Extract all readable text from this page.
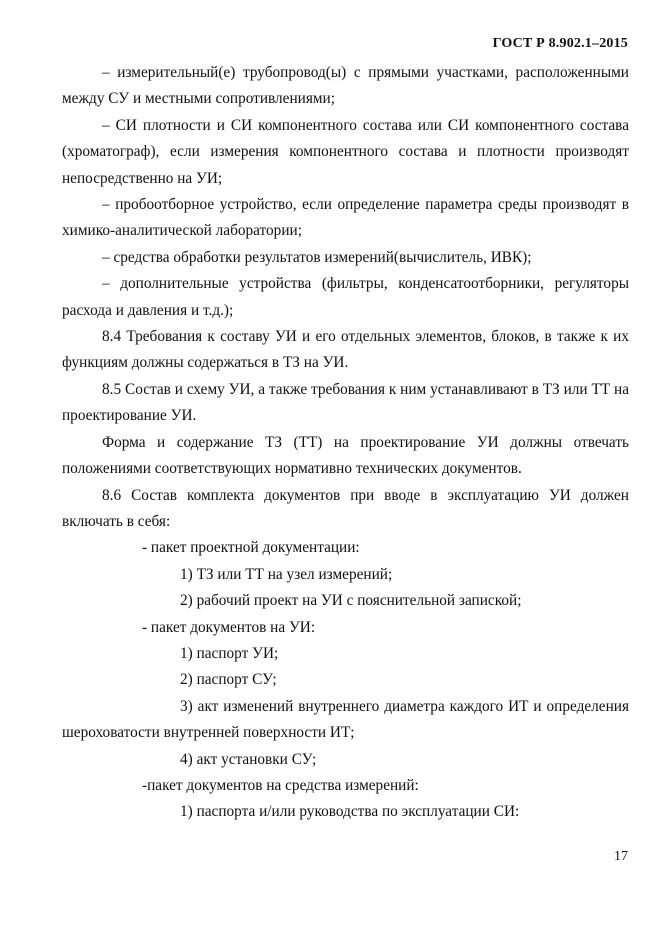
ГОСТ Р 8.902.1–2015

– измерительный(е) трубопровод(ы) с прямыми участками, расположенными между СУ и местными сопротивлениями;

– СИ плотности и СИ компонентного состава или СИ компонентного состава (хроматограф), если измерения компонентного состава и плотности производят непосредственно на УИ;

– пробоотборное устройство, если определение параметра среды производят в химико-аналитической лаборатории;

– средства обработки результатов измерений(вычислитель, ИВК);

– дополнительные устройства (фильтры, конденсатоотборники, регуляторы расхода и давления и т.д.);

8.4 Требования к составу УИ и его отдельных элементов, блоков, в также к их функциям должны содержаться в ТЗ на УИ.

8.5 Состав и схему УИ, а также требования к ним устанавливают в ТЗ или ТТ на проектирование УИ.

Форма и содержание ТЗ (ТТ) на проектирование УИ должны отвечать положениями соответствующих нормативно технических документов.

8.6 Состав комплекта документов при вводе в эксплуатацию УИ должен включать в себя:

- пакет проектной документации:

1) ТЗ или ТТ на узел измерений;

2) рабочий проект на УИ с пояснительной запиской;

- пакет документов на УИ:

1) паспорт УИ;

2) паспорт СУ;

3) акт изменений внутреннего диаметра каждого ИТ и определения шероховатости внутренней поверхности ИТ;

4) акт установки СУ;

-пакет документов на средства измерений:

1) паспорта и/или руководства по эксплуатации СИ:

17
